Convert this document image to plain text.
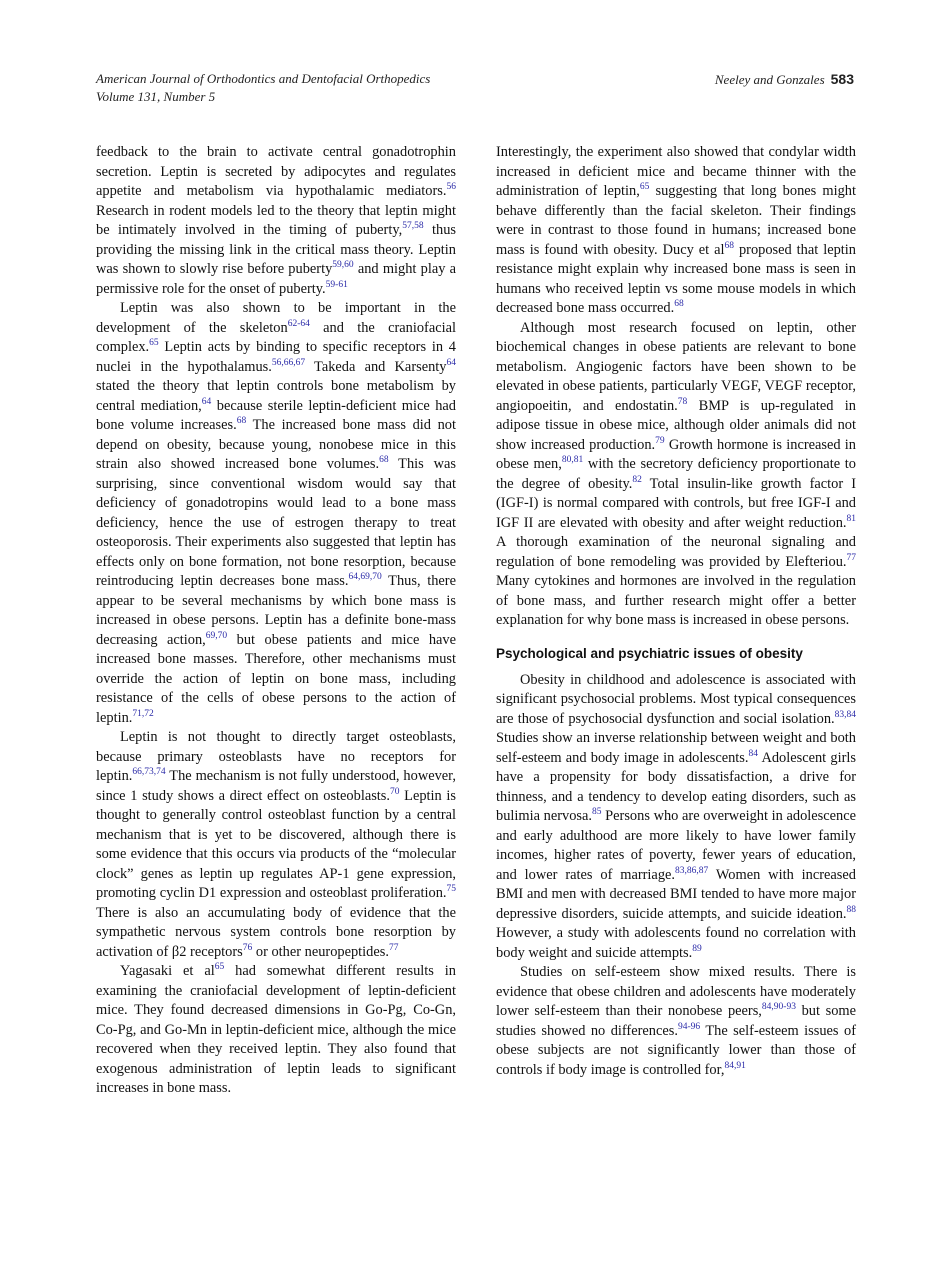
American Journal of Orthodontics and Dentofacial Orthopedics
Volume 131, Number 5
Neeley and Gonzales 583

feedback to the brain to activate central gonadotrophin secretion. Leptin is secreted by adipocytes and regulates appetite and metabolism via hypothalamic mediators.$^{56}$ Research in rodent models led to the theory that leptin might be intimately involved in the timing of puberty,$^{57,58}$ thus providing the missing link in the critical mass theory. Leptin was shown to slowly rise before puberty$^{59,60}$ and might play a permissive role for the onset of puberty.$^{59-61}$

Leptin was also shown to be important in the development of the skeleton$^{62-64}$ and the craniofacial complex.$^{65}$ Leptin acts by binding to specific receptors in 4 nuclei in the hypothalamus.$^{56,66,67}$ Takeda and Karsenty$^{64}$ stated the theory that leptin controls bone metabolism by central mediation,$^{64}$ because sterile leptin-deficient mice had bone volume increases.$^{68}$ The increased bone mass did not depend on obesity, because young, nonobese mice in this strain also showed increased bone volumes.$^{68}$ This was surprising, since conventional wisdom would say that deficiency of gonadotropins would lead to a bone mass deficiency, hence the use of estrogen therapy to treat osteoporosis. Their experiments also suggested that leptin has effects only on bone formation, not bone resorption, because reintroducing leptin decreases bone mass.$^{64,69,70}$ Thus, there appear to be several mechanisms by which bone mass is increased in obese persons. Leptin has a definite bone-mass decreasing action,$^{69,70}$ but obese patients and mice have increased bone masses. Therefore, other mechanisms must override the action of leptin on bone mass, including resistance of the cells of obese persons to the action of leptin.$^{71,72}$

Leptin is not thought to directly target osteoblasts, because primary osteoblasts have no receptors for leptin.$^{66,73,74}$ The mechanism is not fully understood, however, since 1 study shows a direct effect on osteoblasts.$^{70}$ Leptin is thought to generally control osteoblast function by a central mechanism that is yet to be discovered, although there is some evidence that this occurs via products of the “molecular clock” genes as leptin up regulates AP-1 gene expression, promoting cyclin D1 expression and osteoblast proliferation.$^{75}$ There is also an accumulating body of evidence that the sympathetic nervous system controls bone resorption by activation of β2 receptors$^{76}$ or other neuropeptides.$^{77}$

Yagasaki et $al^{65}$ had somewhat different results in examining the craniofacial development of leptin-deficient mice. They found decreased dimensions in Go-Pg, Co-Gn, Co-Pg, and Go-Mn in leptin-deficient mice, although the mice recovered when they received leptin. They also found that exogenous administration of leptin leads to significant increases in bone mass.

Interestingly, the experiment also showed that condylar width increased in deficient mice and became thinner with the administration of leptin,$^{65}$ suggesting that long bones might behave differently than the facial skeleton. Their findings were in contrast to those found in humans; increased bone mass is found with obesity. Ducy et $al^{68}$ proposed that leptin resistance might explain why increased bone mass is seen in humans who received leptin vs some mouse models in which decreased bone mass occurred.$^{68}$

Although most research focused on leptin, other biochemical changes in obese patients are relevant to bone metabolism. Angiogenic factors have been shown to be elevated in obese patients, particularly VEGF, VEGF receptor, angiopoeitin, and endostatin.$^{78}$ BMP is up-regulated in adipose tissue in obese mice, although older animals did not show increased production.$^{79}$ Growth hormone is increased in obese men,$^{80,81}$ with the secretory deficiency proportionate to the degree of obesity.$^{82}$ Total insulin-like growth factor I (IGF-I) is normal compared with controls, but free IGF-I and IGF II are elevated with obesity and after weight reduction.$^{81}$ A thorough examination of the neuronal signaling and regulation of bone remodeling was provided by Elefteriou.$^{77}$ Many cytokines and hormones are involved in the regulation of bone mass, and further research might offer a better explanation for why bone mass is increased in obese persons.

Psychological and psychiatric issues of obesity

Obesity in childhood and adolescence is associated with significant psychosocial problems. Most typical consequences are those of psychosocial dysfunction and social isolation.$^{83,84}$ Studies show an inverse relationship between weight and both self-esteem and body image in adolescents.$^{84}$ Adolescent girls have a propensity for body dissatisfaction, a drive for thinness, and a tendency to develop eating disorders, such as bulimia nervosa.$^{85}$ Persons who are overweight in adolescence and early adulthood are more likely to have lower family incomes, higher rates of poverty, fewer years of education, and lower rates of marriage.$^{83,86,87}$ Women with increased BMI and men with decreased BMI tended to have more major depressive disorders, suicide attempts, and suicide ideation.$^{88}$ However, a study with adolescents found no correlation with body weight and suicide attempts.$^{89}$

Studies on self-esteem show mixed results. There is evidence that obese children and adolescents have moderately lower self-esteem than their nonobese peers,$^{84,90-93}$ but some studies showed no differences.$^{94-96}$ The self-esteem issues of obese subjects are not significantly lower than those of controls if body image is controlled for,$^{84,91}$
